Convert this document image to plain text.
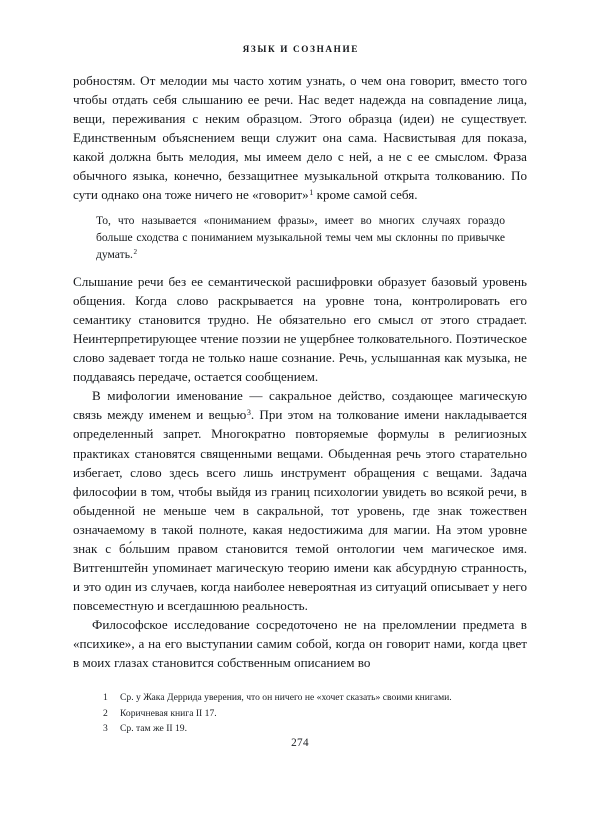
ЯЗЫК И СОЗНАНИЕ

робностям. От мелодии мы часто хотим узнать, о чем она говорит, вместо того чтобы отдать себя слышанию ее речи. Нас ведет надежда на совпадение лица, вещи, переживания с неким образцом. Этого образца (идеи) не существует. Единственным объяснением вещи служит она сама. Насвистывая для показа, какой должна быть мелодия, мы имеем дело с ней, а не с ее смыслом. Фраза обычного языка, конечно, беззащитнее музыкальной открыта толкованию. По сути однако она тоже ничего не «говорит»$^1$ кроме самой себя.

То, что называется «пониманием фразы», имеет во многих случаях гораздо больше сходства с пониманием музыкальной темы чем мы склонны по привычке думать.$^2$

Слышание речи без ее семантической расшифровки образует базовый уровень общения. Когда слово раскрывается на уровне тона, контролировать его семантику становится трудно. Не обязательно его смысл от этого страдает. Неинтерпретирующее чтение поэзии не ущербнее толковательного. Поэтическое слово задевает тогда не только наше сознание. Речь, услышанная как музыка, не поддаваясь передаче, остается сообщением.

В мифологии именование — сакральное действо, создающее магическую связь между именем и вещью$^3$. При этом на толкование имени накладывается определенный запрет. Многократно повторяемые формулы в религиозных практиках становятся священными вещами. Обыденная речь этого старательно избегает, слово здесь всего лишь инструмент обращения с вещами. Задача философии в том, чтобы выйдя из границ психологии увидеть во всякой речи, в обыденной не меньше чем в сакральной, тот уровень, где знак тожествен означаемому в такой полноте, какая недостижима для магии. На этом уровне знак с бо́льшим правом становится темой онтологии чем магическое имя. Витгенштейн упоминает магическую теорию имени как абсурдную странность, и это один из случаев, когда наиболее невероятная из ситуаций описывает у него повсеместную и всегдашнюю реальность.

Философское исследование сосредоточено не на преломлении предмета в «психике», а на его выступании самим собой, когда он говорит нами, когда цвет в моих глазах становится собственным описанием во

1	Ср. у Жака Деррида уверения, что он ничего не «хочет сказать» своими книгами.
2	Коричневая книга II 17.
3	Ср. там же II 19.
274
